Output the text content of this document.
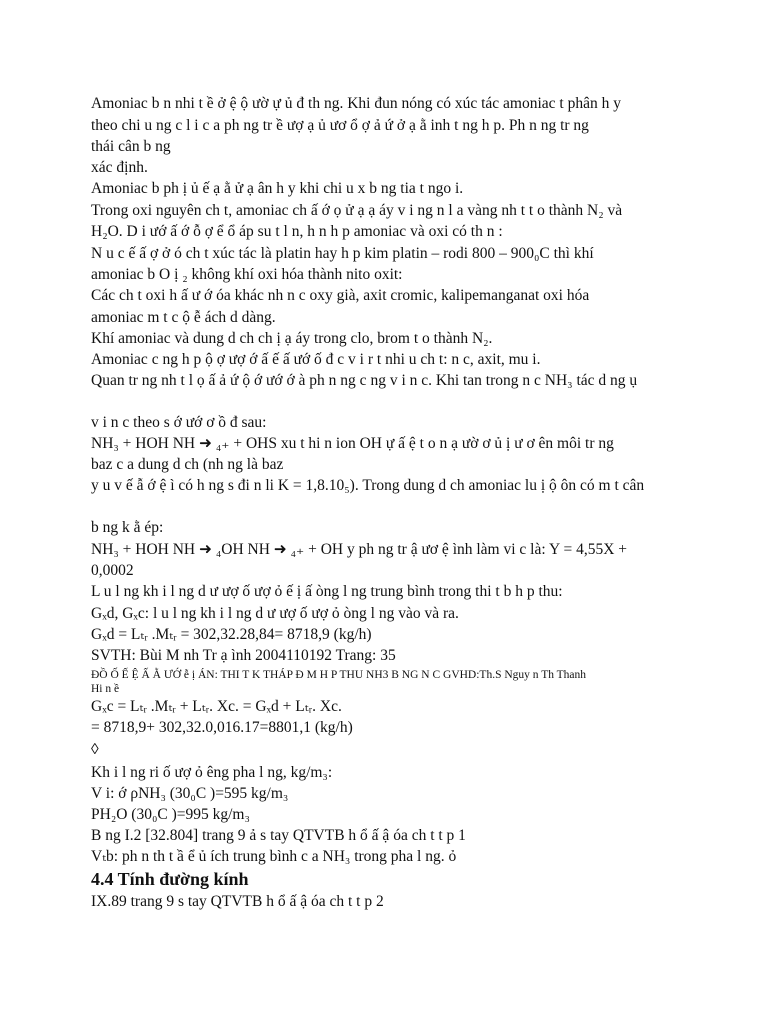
Amoniac b n nhi t ề ở ệ ộ ườ ự ủ đ th ng. Khi đun nóng có xúc tác amoniac t phân h y
theo chi u ng c l i c a ph ng tr ề ượ ạ ủ ươ ổ ợ ả ứ ở ạ ằ inh t ng h p. Ph n ng tr ng
thái cân b ng
xác định.
Amoniac b ph ị ủ ế ạ ằ ử ạ ân h y khi chi u x b ng tia t ngo i.
Trong oxi nguyên ch t, amoniac ch ấ ớ ọ ử ạ ạ áy v i ng n l a vàng nh t t o thành N₂ và
H₂O. D i ướ ấ ớ ỗ ợ ể ổ áp su t l n, h n h p amoniac và oxi có th n :
N u c ế ấ ợ ở ó ch t xúc tác là platin hay h p kim platin – rodi 800 – 900₀C thì khí
amoniac b O ị ₂ không khí oxi hóa thành nito oxit:
Các ch t oxi h ấ ư ớ óa khác nh n c oxy già, axit cromic, kalipemanganat oxi hóa
amoniac m t c ộ ễ ách d dàng.
Khí amoniac và dung d ch ch ị ạ áy trong clo, brom t o thành N₂.
Amoniac c ng h p ộ ợ ượ ớ ấ ế ấ ướ ố đ c v i r t nhi u ch t: n c, axit, mu i.
Quan tr ng nh t l ọ ấ ả ứ ộ ớ ướ ớ à ph n ng c ng v i n c. Khi tan trong n c NH₃ tác d ng ụ
v i n c theo s ớ ướ ơ ồ đ sau:
NH₃ + HOH NH ➜ ₄₊ + OHS xu t hi n ion OH ự ấ ệ t o n ạ ườ ơ ủ ị ư ơ ên môi tr ng
baz c a dung d ch (nh ng là baz
y u v ế ẫ ớ ệ ì có h ng s đi n li K = 1,8.10₅). Trong dung d ch amoniac lu ị ộ ôn có m t cân
b ng k ằ ép:
NH₃ + HOH NH ➜ ₄OH NH ➜ ₄₊ + OH y ph ng tr ậ ươ ệ ình làm vi c là: Y = 4,55X +
0,0002
L u l ng kh i l ng d ư ượ ố ượ ỏ ế ị ấ òng l ng trung bình trong thi t b h p thu:
Gₓd, Gₓc: l u l ng kh i l ng d ư ượ ố ượ ỏ òng l ng vào và ra.
Gₓd = Lₜᵣ .Mₜᵣ = 302,32.28,84= 8718,9 (kg/h)
SVTH: Bùi M nh Tr ạ ình 2004110192 Trang: 35
ĐỒ Ố Ế Ệ Ấ Ằ ƯỚ ễ ị ÁN: THI T K THÁP Đ M H P THU NH3 B NG N C GVHD:Th.S Nguy n Th Thanh
Hi n ề
Gₓc = Lₜᵣ .Mₜᵣ + Lₜᵣ. Xc. = Gₓd + Lₜᵣ. Xc.
= 8718,9+ 302,32.0,016.17=8801,1 (kg/h)
◊
Kh i l ng ri ố ượ ỏ êng pha l ng, kg/m₃:
V i: ớ ρNH₃ (30₀C )=595 kg/m₃
PH₂O (30₀C )=995 kg/m₃
B ng I.2 [32.804] trang 9 ả s tay QTVTB h ổ ấ ậ óa ch t t p 1
Vₜb: ph n th t ầ ể ủ ích trung bình c a NH₃ trong pha l ng. ỏ
4.4 Tính đường kính
IX.89 trang 9 s tay QTVTB h ổ ấ ậ óa ch t t p 2
